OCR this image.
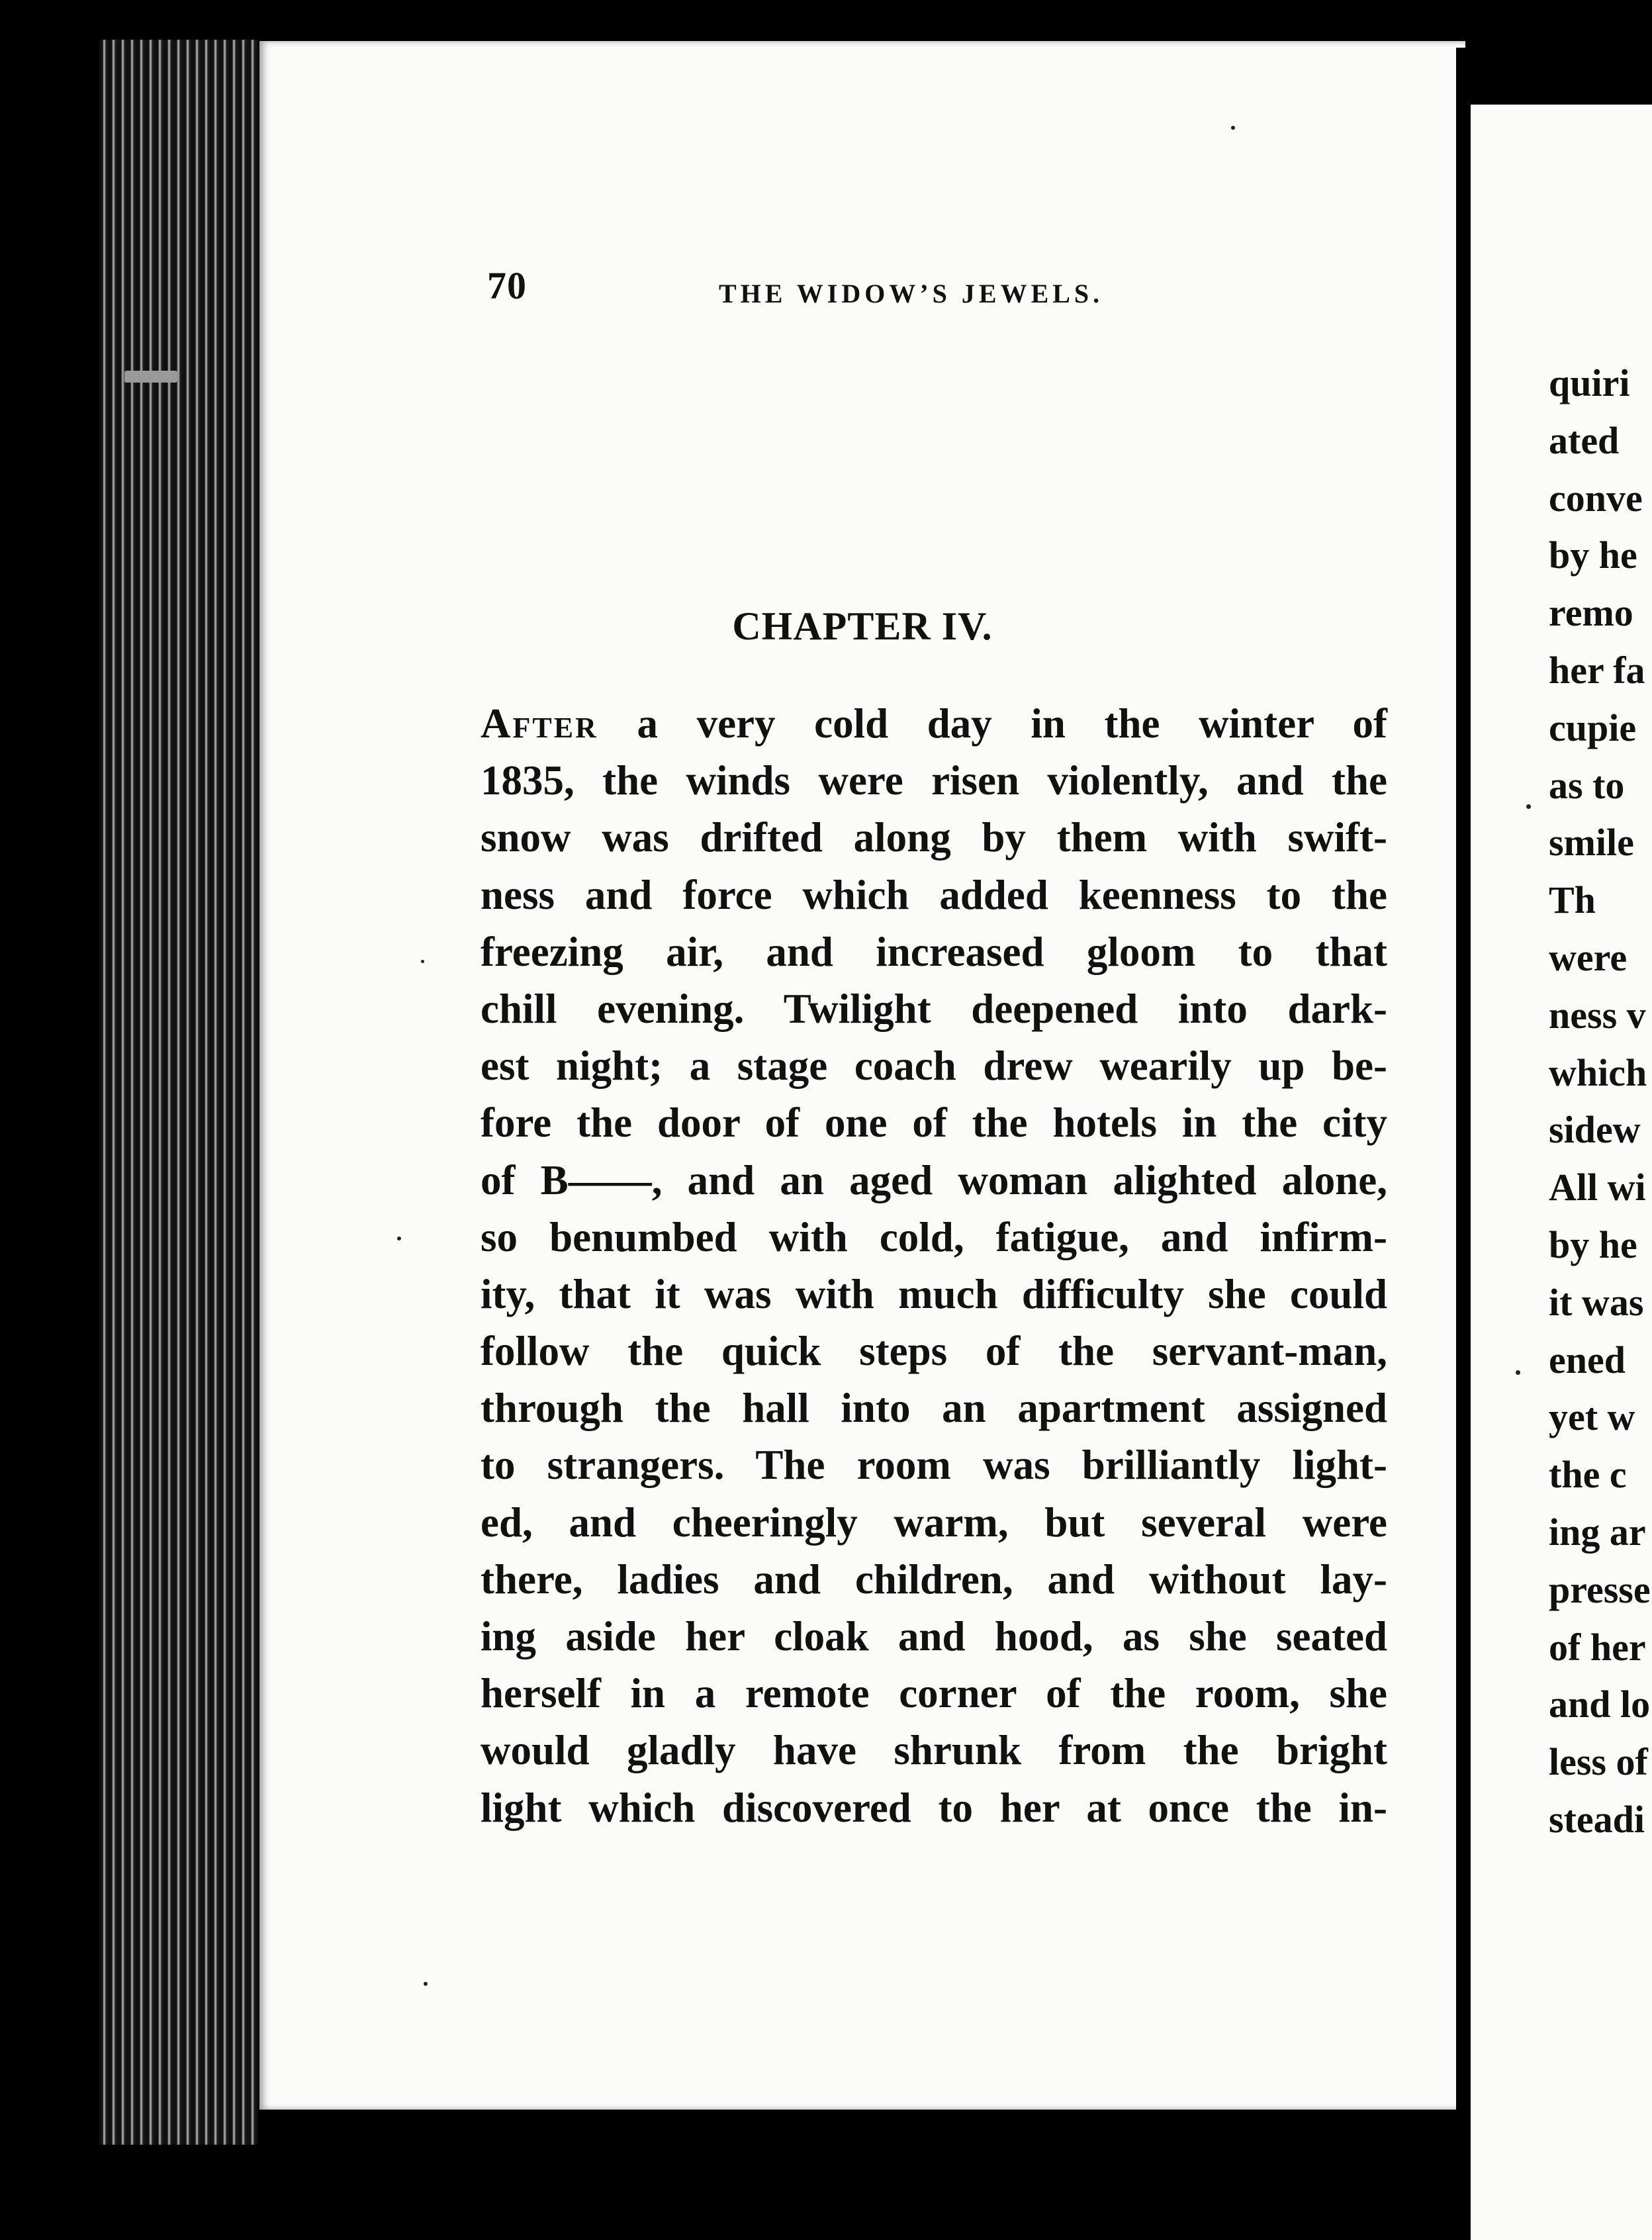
70	THE WIDOW’S JEWELS.
CHAPTER IV.
After a very cold day in the winter of
1835, the winds were risen violently, and the
snow was drifted along by them with swift-
ness and force which added keenness to the
freezing air, and increased gloom to that
chill evening. Twilight deepened into dark-
est night; a stage coach drew wearily up be-
fore the door of one of the hotels in the city
of B——, and an aged woman alighted alone,
so benumbed with cold, fatigue, and infirm-
ity, that it was with much difficulty she could
follow the quick steps of the servant-man,
through the hall into an apartment assigned
to strangers. The room was brilliantly light-
ed, and cheeringly warm, but several were
there, ladies and children, and without lay-
ing aside her cloak and hood, as she seated
herself in a remote corner of the room, she
would gladly have shrunk from the bright
light which discovered to her at once the in-
quiri
ated
conve
by he
remo
her fa
cupie
as to
smile
Th
were
ness v
which
sidew
All wi
by he
it was
ened
yet w
the c
ing ar
presse
of her
and lo
less of
steadi
